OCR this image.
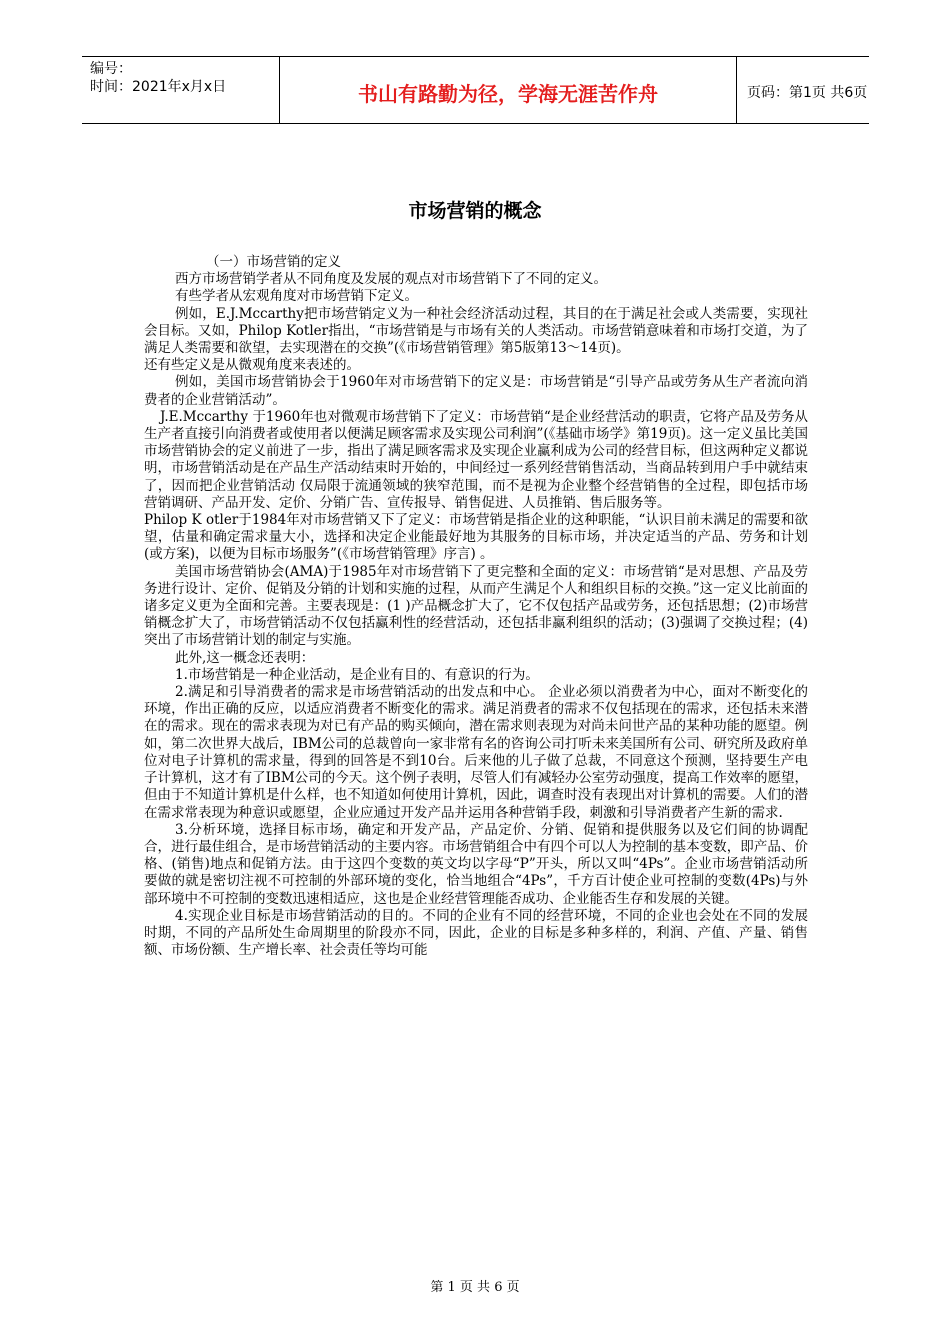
编号：
时间：2021年x月x日	书山有路勤为径，学海无涯苦作舟	页码：第1页 共6页
市场营销的概念

（一）市场营销的定义

西方市场营销学者从不同角度及发展的观点对市场营销下了不同的定义。

有些学者从宏观角度对市场营销下定义。

例如，E.J.Mccarthy把市场营销定义为一种社会经济活动过程，其目的在于满足社会或人类需要，实现社会目标。又如，Philop Kotler指出，“市场营销是与市场有关的人类活动。市场营销意味着和市场打交道，为了满足人类需要和欲望，去实现潜在的交换”(《市场营销管理》第5版第13～14页)。

还有些定义是从微观角度来表述的。

例如，美国市场营销协会于1960年对市场营销下的定义是：市场营销是“引导产品或劳务从生产者流向消费者的企业营销活动”。

J.E.Mccarthy 于1960年也对微观市场营销下了定义：市场营销“是企业经营活动的职责，它将产品及劳务从生产者直接引向消费者或使用者以便满足顾客需求及实现公司利润”(《基础市场学》第19页)。这一定义虽比美国市场营销协会的定义前进了一步，指出了满足顾客需求及实现企业赢利成为公司的经营目标，但这两种定义都说明，市场营销活动是在产品生产活动结束时开始的，中间经过一系列经营销售活动，当商品转到用户手中就结束了，因而把企业营销活动 仅局限于流通领域的狭窄范围，而不是视为企业整个经营销售的全过程，即包括市场营销调研、产品开发、定价、分销广告、宣传报导、销售促进、人员推销、售后服务等。

Philop K otler于1984年对市场营销又下了定义：市场营销是指企业的这种职能，“认识目前未满足的需要和欲望，估量和确定需求量大小，选择和决定企业能最好地为其服务的目标市场，并决定适当的产品、劳务和计划(或方案)，以便为目标市场服务”(《市场营销管理》序言) 。

美国市场营销协会(AMA)于1985年对市场营销下了更完整和全面的定义：市场营销“是对思想、产品及劳务进行设计、定价、促销及分销的计划和实施的过程，从而产生满足个人和组织目标的交换。”这一定义比前面的诸多定义更为全面和完善。主要表现是：(1 )产品概念扩大了，它不仅包括产品或劳务，还包括思想；(2)市场营销概念扩大了，市场营销活动不仅包括赢利性的经营活动，还包括非赢利组织的活动；(3)强调了交换过程；(4)突出了市场营销计划的制定与实施。

此外,这一概念还表明：

1.市场营销是一种企业活动，是企业有目的、有意识的行为。

2.满足和引导消费者的需求是市场营销活动的出发点和中心。 企业必须以消费者为中心，面对不断变化的环境，作出正确的反应，以适应消费者不断变化的需求。满足消费者的需求不仅包括现在的需求，还包括未来潜在的需求。现在的需求表现为对已有产品的购买倾向，潜在需求则表现为对尚未问世产品的某种功能的愿望。例如，第二次世界大战后，IBM公司的总裁曾向一家非常有名的咨询公司打听未来美国所有公司、研究所及政府单位对电子计算机的需求量，得到的回答是不到10台。后来他的儿子做了总裁，不同意这个预测，坚持要生产电子计算机，这才有了IBM公司的今天。这个例子表明，尽管人们有减轻办公室劳动强度，提高工作效率的愿望，但由于不知道计算机是什么样，也不知道如何使用计算机，因此，调查时没有表现出对计算机的需要。人们的潜在需求常表现为种意识或愿望，企业应通过开发产品并运用各种营销手段，刺激和引导消费者产生新的需求.

3.分析环境，选择目标市场，确定和开发产品，产品定价、分销、促销和提供服务以及它们间的协调配合，进行最佳组合，是市场营销活动的主要内容。市场营销组合中有四个可以人为控制的基本变数，即产品、价格、(销售)地点和促销方法。由于这四个变数的英文均以字母“P”开头，所以又叫“4Ps”。企业市场营销活动所要做的就是密切注视不可控制的外部环境的变化，恰当地组合“4Ps”，千方百计使企业可控制的变数(4Ps)与外部环境中不可控制的变数迅速相适应，这也是企业经营管理能否成功、企业能否生存和发展的关键。

4.实现企业目标是市场营销活动的目的。不同的企业有不同的经营环境，不同的企业也会处在不同的发展时期，不同的产品所处生命周期里的阶段亦不同，因此，企业的目标是多种多样的，利润、产值、产量、销售额、市场份额、生产增长率、社会责任等均可能

第 1 页 共 6 页
